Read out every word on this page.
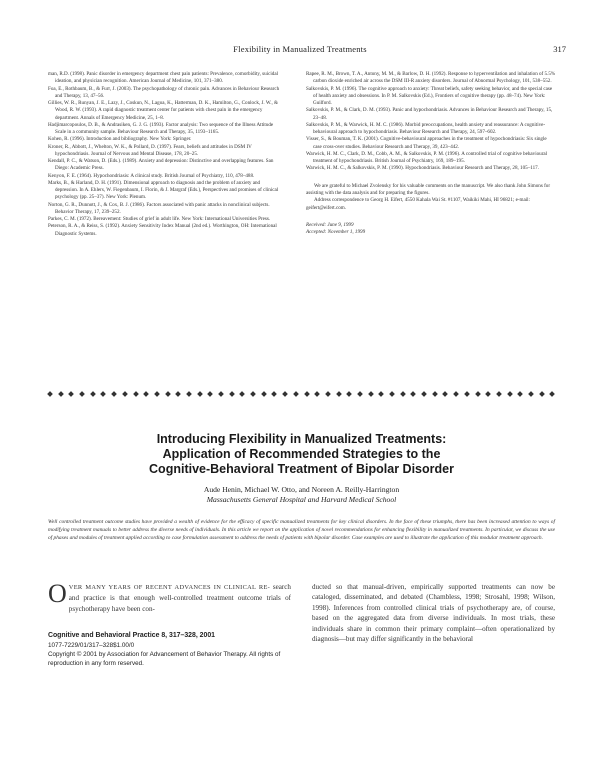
Flexibility in Manualized Treatments	317

man, R.D. (1998). Panic disorder in emergency department chest pain patients: Prevalence, comorbidity, suicidal ideation, and physician recognition. American Journal of Medicine, 101, 371–380.

Foa, E., Rothbaum, B., & Furr, J. (2003). The psychopathology of chronic pain. Advances in Behaviour Research and Therapy, 13, 47–56.

Gillies, W. R., Runyan, J. E., Lazy, J., Coskun, N., Lagoa, K., Hatterman, D. K., Hamilton, G., Conlock, J. W., & Wood, R. W. (1993). A rapid diagnostic treatment center for patients with chest pain in the emergency department. Annals of Emergency Medicine, 25, 1–8.

Hadjimarcopoulos, D. B., & Andrasiken, G. J. G. (1993). Factor analysis: Two sequence of the Illness Attitude Scale in a community sample. Behaviour Research and Therapy, 35, 1193–1165.

Kohen, R. (1996). Introduction and bibliography. New York: Springer.

Kroner, R., Abbott, J., Whelton, W. K., & Pollard, D. (1997). Fears, beliefs and attitudes in DSM IV hypochondriasis. Journal of Nervous and Mental Disease, 178, 20–25.

Kendall, P. C., & Watson, D. (Eds.). (1989). Anxiety and depression: Distinctive and overlapping features. San Diego: Academic Press.

Kenyon, F. E. (1964). Hypochondriasis: A clinical study. British Journal of Psychiatry, 110, 478–488.

Marks, B., & Harland, D. H. (1991). Dimensional approach to diagnosis and the problem of anxiety and depression. In A. Ehlers, W. Fiegenbaum, I. Florin, & J. Margraf (Eds.), Perspectives and promises of clinical psychology (pp. 25–37). New York: Plenum.

Norton, G. R., Dunnott, J., & Cox, B. J. (1986). Factors associated with panic attacks in nonclinical subjects. Behavior Therapy, 17, 239–252.

Parkes, C. M. (1972). Bereavement: Studies of grief in adult life. New York: International Universities Press.

Peterson, R. A., & Reiss, S. (1992). Anxiety Sensitivity Index Manual (2nd ed.). Worthington, OH: International Diagnostic Systems.

Rapee, R. M., Brown, T. A., Antony, M. M., & Barlow, D. H. (1992). Response to hyperventilation and inhalation of 5.5% carbon dioxide enriched air across the DSM III-R anxiety disorders. Journal of Abnormal Psychology, 101, 538–552.

Salkovskis, P. M. (1996). The cognitive approach to anxiety: Threat beliefs, safety seeking behavior, and the special case of health anxiety and obsessions. In P. M. Salkovskis (Ed.), Frontiers of cognitive therapy (pp. 48–74). New York: Guilford.

Salkovskis, P. M., & Clark, D. M. (1993). Panic and hypochondriasis. Advances in Behaviour Research and Therapy, 15, 23–48.

Salkovskis, P. M., & Warwick, H. M. C. (1986). Morbid preoccupations, health anxiety and reassurance: A cognitive-behavioural approach to hypochondriasis. Behaviour Research and Therapy, 24, 597–602.

Visser, S., & Bouman, T. K. (2001). Cognitive-behavioural approaches in the treatment of hypochondriasis: Six single case cross-over studies. Behaviour Research and Therapy, 39, 423–442.

Warwick, H. M. C., Clark, D. M., Cobb, A. M., & Salkovskis, P. M. (1996). A controlled trial of cognitive behavioural treatment of hypochondriasis. British Journal of Psychiatry, 169, 189–195.

Warwick, H. M. C., & Salkovskis, P. M. (1990). Hypochondriasis. Behaviour Research and Therapy, 28, 105–117.

We are grateful to Michael Zvolensky for his valuable comments on the manuscript. We also thank John Simons for assisting with the data analysis and for preparing the figures.

Address correspondence to Georg H. Eifert, 4550 Kahala Wai St. #1107, Waikiki Mahi, HI 96821; e-mail: geifert@eifert.com.

Received: June 9, 1999
Accepted: November 1, 1999
Introducing Flexibility in Manualized Treatments:
Application of Recommended Strategies to the
Cognitive-Behavioral Treatment of Bipolar Disorder
Aude Henin, Michael W. Otto, and Noreen A. Reilly-Harrington
Massachusetts General Hospital and Harvard Medical School
Well controlled treatment outcome studies have provided a wealth of evidence for the efficacy of specific manualized treatments for key clinical disorders. In the face of these triumphs, there has been increased attention to ways of modifying treatment manuals to better address the diverse needs of individuals. In this article we report on the application of novel recommendations for enhancing flexibility in manualized treatments. In particular, we discuss the use of phases and modules of treatment applied according to case formulation assessment to address the needs of patients with bipolar disorder. Case examples are used to illustrate the application of this modular treatment approach.

OVER MANY YEARS OF RECENT ADVANCES IN CLINICAL RE- search and practice is that enough well-controlled treatment outcome trials of psychotherapy have been con-

Cognitive and Behavioral Practice 8, 317–328, 2001
1077-7229/01/317–328$1.00/0
Copyright © 2001 by Association for Advancement of Behavior Therapy. All rights of reproduction in any form reserved.

ducted so that manual-driven, empirically supported treatments can now be cataloged, disseminated, and debated (Chambless, 1998; Strosahl, 1998; Wilson, 1998). Inferences from controlled clinical trials of psychotherapy are, of course, based on the aggregated data from diverse individuals. In most trials, these individuals share in common their primary complaint—often operationalized by diagnosis—but may differ significantly in the behavioral
